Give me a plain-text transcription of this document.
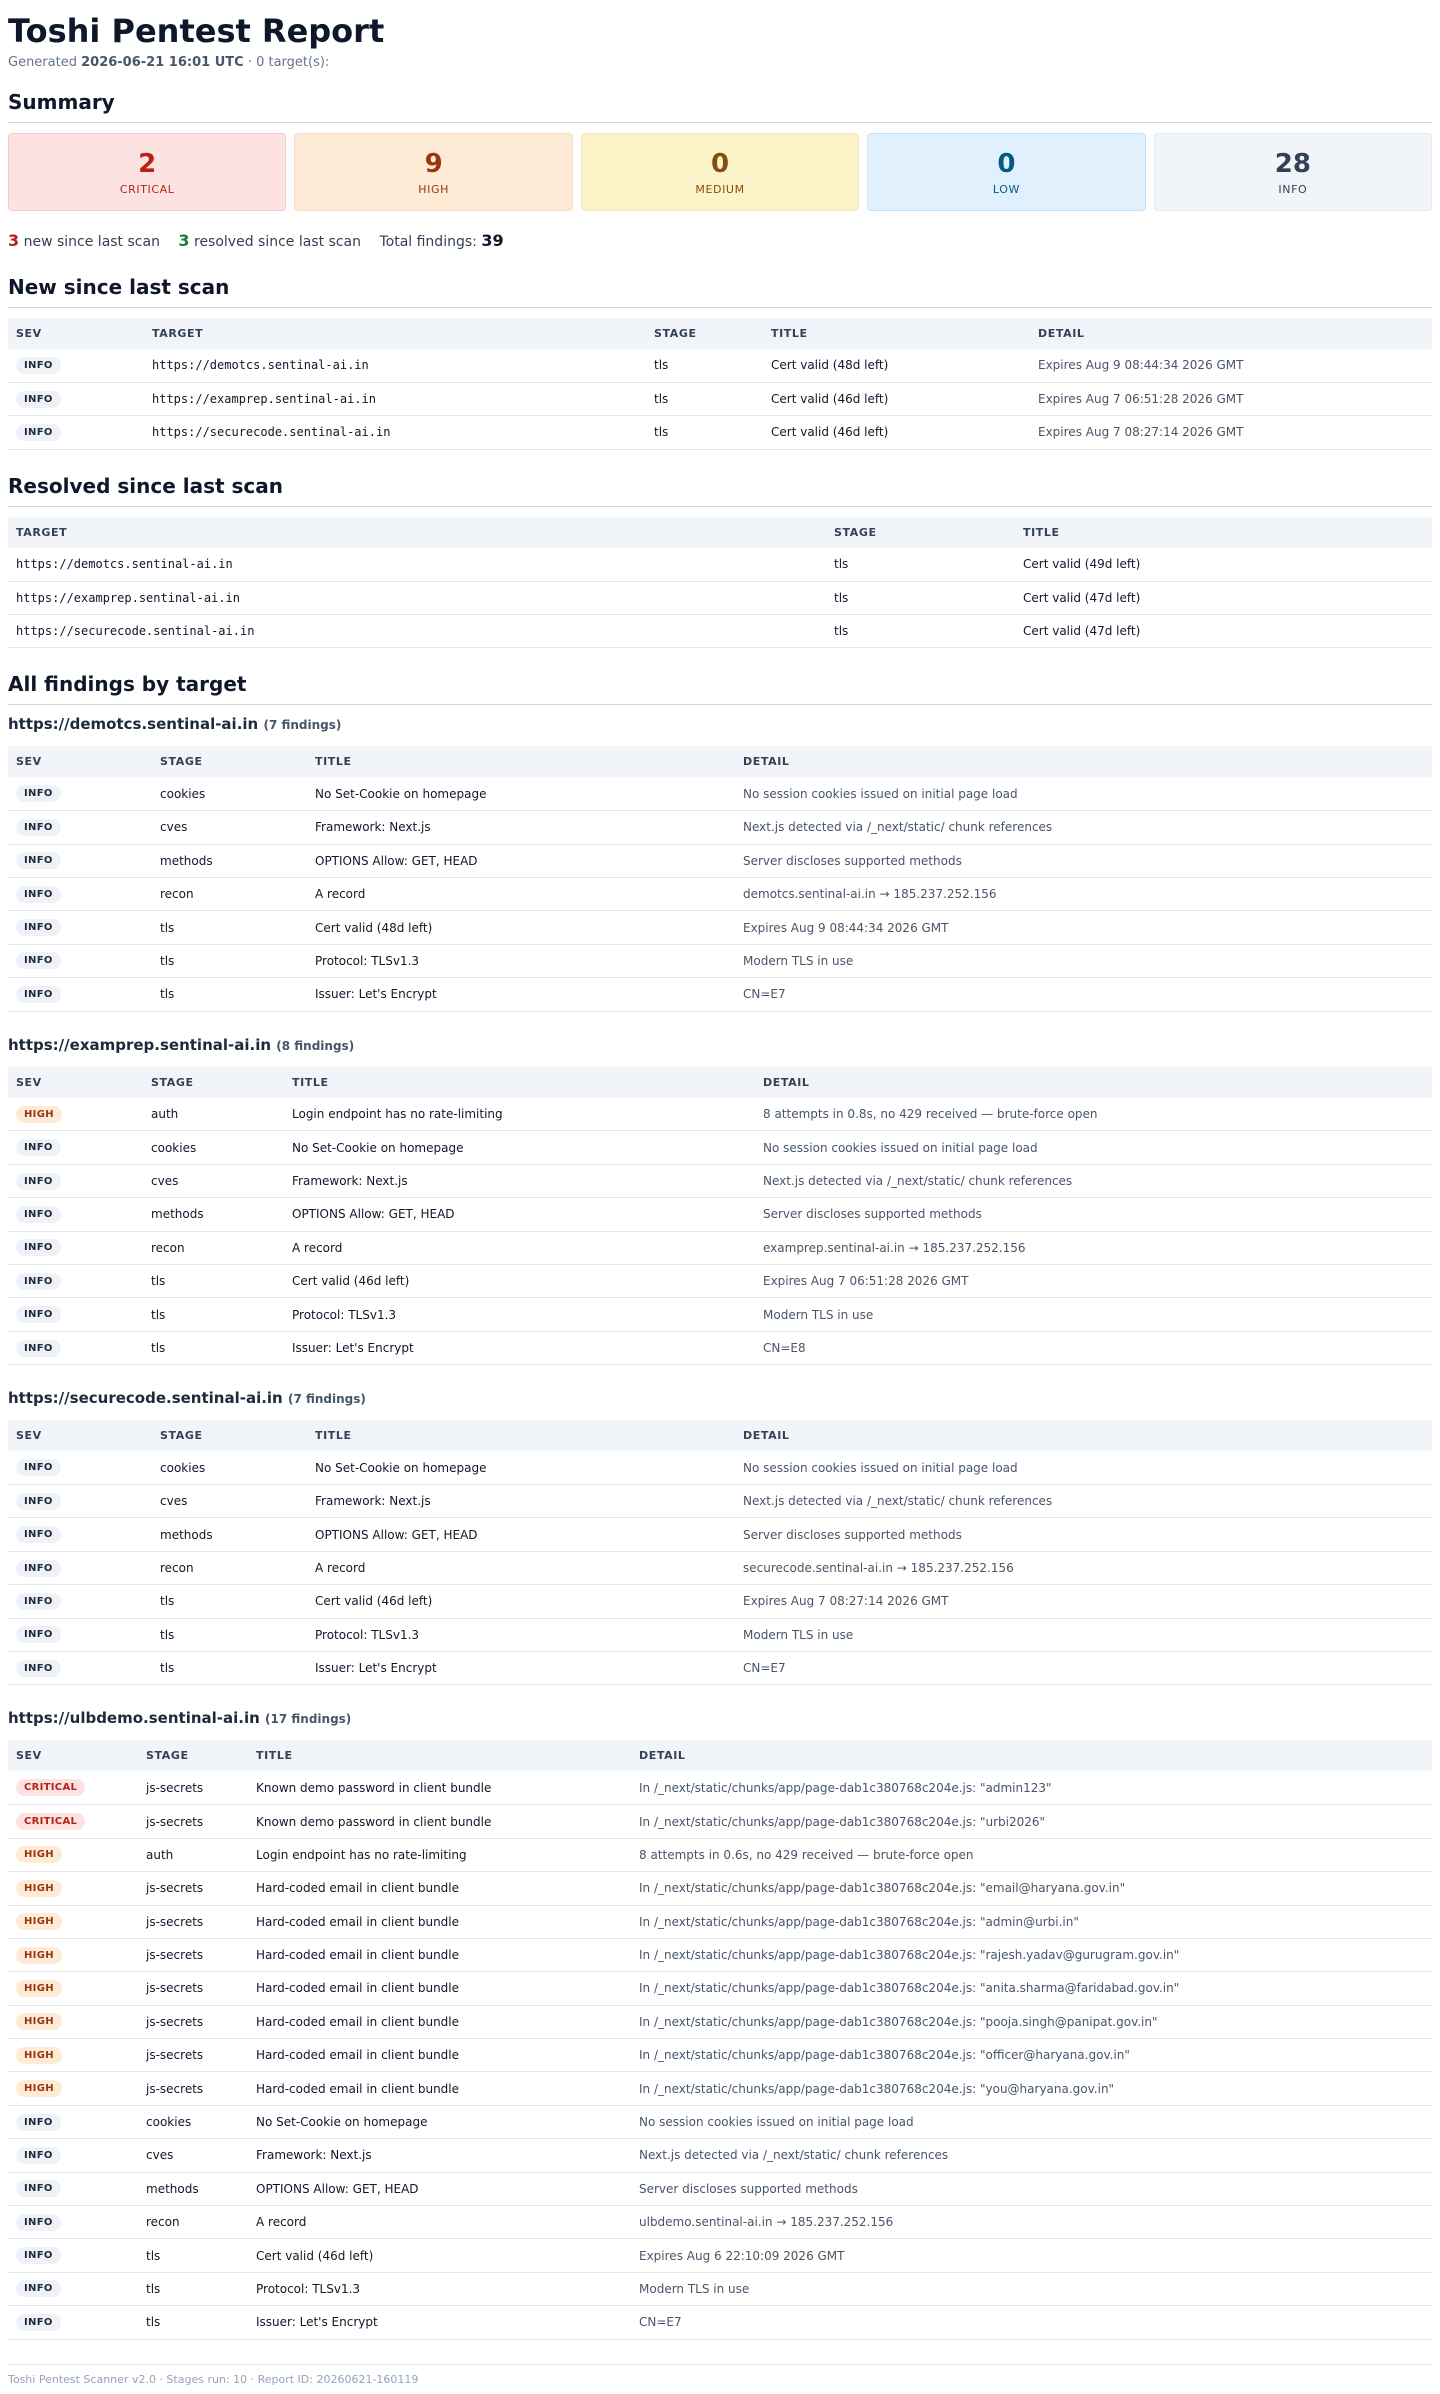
Toshi Pentest Report
Generated 2026-06-21 16:01 UTC · 0 target(s):
Summary
2
CRITICAL
9
HIGH
0
MEDIUM
0
LOW
28
INFO
3 new since last scan 3 resolved since last scan Total findings: 39
New since last scan
SEV	TARGET	STAGE	TITLE	DETAIL
INFO	https://demotcs.sentinal-ai.in	tls	Cert valid (48d left)	Expires Aug 9 08:44:34 2026 GMT
INFO	https://examprep.sentinal-ai.in	tls	Cert valid (46d left)	Expires Aug 7 06:51:28 2026 GMT
INFO	https://securecode.sentinal-ai.in	tls	Cert valid (46d left)	Expires Aug 7 08:27:14 2026 GMT
Resolved since last scan
TARGET	STAGE	TITLE
https://demotcs.sentinal-ai.in	tls	Cert valid (49d left)
https://examprep.sentinal-ai.in	tls	Cert valid (47d left)
https://securecode.sentinal-ai.in	tls	Cert valid (47d left)
All findings by target
https://demotcs.sentinal-ai.in (7 findings)
SEV	STAGE	TITLE	DETAIL
INFO	cookies	No Set-Cookie on homepage	No session cookies issued on initial page load
INFO	cves	Framework: Next.js	Next.js detected via /_next/static/ chunk references
INFO	methods	OPTIONS Allow: GET, HEAD	Server discloses supported methods
INFO	recon	A record	demotcs.sentinal-ai.in → 185.237.252.156
INFO	tls	Cert valid (48d left)	Expires Aug 9 08:44:34 2026 GMT
INFO	tls	Protocol: TLSv1.3	Modern TLS in use
INFO	tls	Issuer: Let's Encrypt	CN=E7
https://examprep.sentinal-ai.in (8 findings)
SEV	STAGE	TITLE	DETAIL
HIGH	auth	Login endpoint has no rate-limiting	8 attempts in 0.8s, no 429 received — brute-force open
INFO	cookies	No Set-Cookie on homepage	No session cookies issued on initial page load
INFO	cves	Framework: Next.js	Next.js detected via /_next/static/ chunk references
INFO	methods	OPTIONS Allow: GET, HEAD	Server discloses supported methods
INFO	recon	A record	examprep.sentinal-ai.in → 185.237.252.156
INFO	tls	Cert valid (46d left)	Expires Aug 7 06:51:28 2026 GMT
INFO	tls	Protocol: TLSv1.3	Modern TLS in use
INFO	tls	Issuer: Let's Encrypt	CN=E8
https://securecode.sentinal-ai.in (7 findings)
SEV	STAGE	TITLE	DETAIL
INFO	cookies	No Set-Cookie on homepage	No session cookies issued on initial page load
INFO	cves	Framework: Next.js	Next.js detected via /_next/static/ chunk references
INFO	methods	OPTIONS Allow: GET, HEAD	Server discloses supported methods
INFO	recon	A record	securecode.sentinal-ai.in → 185.237.252.156
INFO	tls	Cert valid (46d left)	Expires Aug 7 08:27:14 2026 GMT
INFO	tls	Protocol: TLSv1.3	Modern TLS in use
INFO	tls	Issuer: Let's Encrypt	CN=E7
https://ulbdemo.sentinal-ai.in (17 findings)
SEV	STAGE	TITLE	DETAIL
CRITICAL	js-secrets	Known demo password in client bundle	In /_next/static/chunks/app/page-dab1c380768c204e.js: "admin123"
CRITICAL	js-secrets	Known demo password in client bundle	In /_next/static/chunks/app/page-dab1c380768c204e.js: "urbi2026"
HIGH	auth	Login endpoint has no rate-limiting	8 attempts in 0.6s, no 429 received — brute-force open
HIGH	js-secrets	Hard-coded email in client bundle	In /_next/static/chunks/app/page-dab1c380768c204e.js: "email@haryana.gov.in"
HIGH	js-secrets	Hard-coded email in client bundle	In /_next/static/chunks/app/page-dab1c380768c204e.js: "admin@urbi.in"
HIGH	js-secrets	Hard-coded email in client bundle	In /_next/static/chunks/app/page-dab1c380768c204e.js: "rajesh.yadav@gurugram.gov.in"
HIGH	js-secrets	Hard-coded email in client bundle	In /_next/static/chunks/app/page-dab1c380768c204e.js: "anita.sharma@faridabad.gov.in"
HIGH	js-secrets	Hard-coded email in client bundle	In /_next/static/chunks/app/page-dab1c380768c204e.js: "pooja.singh@panipat.gov.in"
HIGH	js-secrets	Hard-coded email in client bundle	In /_next/static/chunks/app/page-dab1c380768c204e.js: "officer@haryana.gov.in"
HIGH	js-secrets	Hard-coded email in client bundle	In /_next/static/chunks/app/page-dab1c380768c204e.js: "you@haryana.gov.in"
INFO	cookies	No Set-Cookie on homepage	No session cookies issued on initial page load
INFO	cves	Framework: Next.js	Next.js detected via /_next/static/ chunk references
INFO	methods	OPTIONS Allow: GET, HEAD	Server discloses supported methods
INFO	recon	A record	ulbdemo.sentinal-ai.in → 185.237.252.156
INFO	tls	Cert valid (46d left)	Expires Aug 6 22:10:09 2026 GMT
INFO	tls	Protocol: TLSv1.3	Modern TLS in use
INFO	tls	Issuer: Let's Encrypt	CN=E7
Toshi Pentest Scanner v2.0 · Stages run: 10 · Report ID: 20260621-160119
